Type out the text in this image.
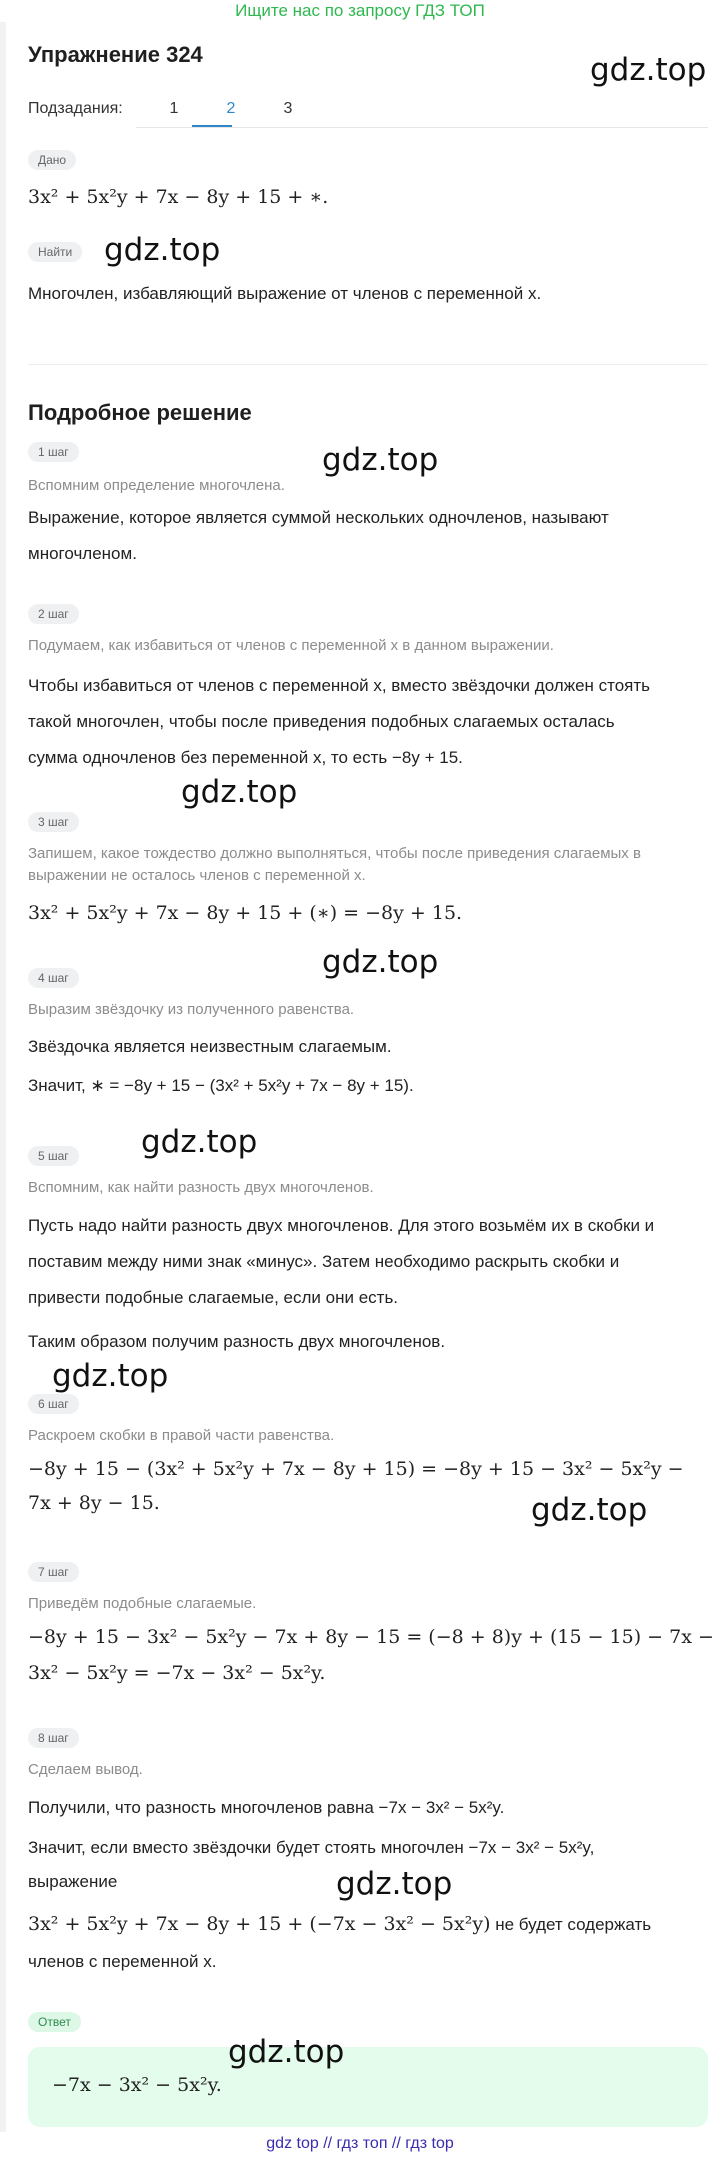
Ищите нас по запросу ГДЗ ТОП
Упражнение 324	gdz.top
Подзадания:	1	2	3
Дано
3x² + 5x²y + 7x − 8y + 15 + ∗.
Найти	gdz.top
Многочлен, избавляющий выражение от членов с переменной x.
Подробное решение
1 шаг	gdz.top
Вспомним определение многочлена.
Выражение, которое является суммой нескольких одночленов, называют
многочленом.
2 шаг
Подумаем, как избавиться от членов с переменной x в данном выражении.
Чтобы избавиться от членов с переменной x, вместо звёздочки должен стоять
такой многочлен, чтобы после приведения подобных слагаемых осталась
сумма одночленов без переменной x, то есть −8y + 15.
gdz.top
3 шаг
Запишем, какое тождество должно выполняться, чтобы после приведения слагаемых в
выражении не осталось членов с переменной x.
3x² + 5x²y + 7x − 8y + 15 + (∗) = −8y + 15.
gdz.top
4 шаг
Выразим звёздочку из полученного равенства.
Звёздочка является неизвестным слагаемым.
Значит, ∗ = −8y + 15 − (3x² + 5x²y + 7x − 8y + 15).
gdz.top
5 шаг
Вспомним, как найти разность двух многочленов.
Пусть надо найти разность двух многочленов. Для этого возьмём их в скобки и
поставим между ними знак «минус». Затем необходимо раскрыть скобки и
привести подобные слагаемые, если они есть.
Таким образом получим разность двух многочленов.
gdz.top
6 шаг
Раскроем скобки в правой части равенства.
−8y + 15 − (3x² + 5x²y + 7x − 8y + 15) = −8y + 15 − 3x² − 5x²y −
7x + 8y − 15.	gdz.top
7 шаг
Приведём подобные слагаемые.
−8y + 15 − 3x² − 5x²y − 7x + 8y − 15 = (−8 + 8)y + (15 − 15) − 7x −
3x² − 5x²y = −7x − 3x² − 5x²y.
8 шаг
Сделаем вывод.
Получили, что разность многочленов равна −7x − 3x² − 5x²y.
Значит, если вместо звёздочки будет стоять многочлен −7x − 3x² − 5x²y,
выражение	gdz.top
3x² + 5x²y + 7x − 8y + 15 + (−7x − 3x² − 5x²y) не будет содержать
членов с переменной x.
Ответ
gdz.top
−7x − 3x² − 5x²y.
gdz top // гдз топ // гдз top
